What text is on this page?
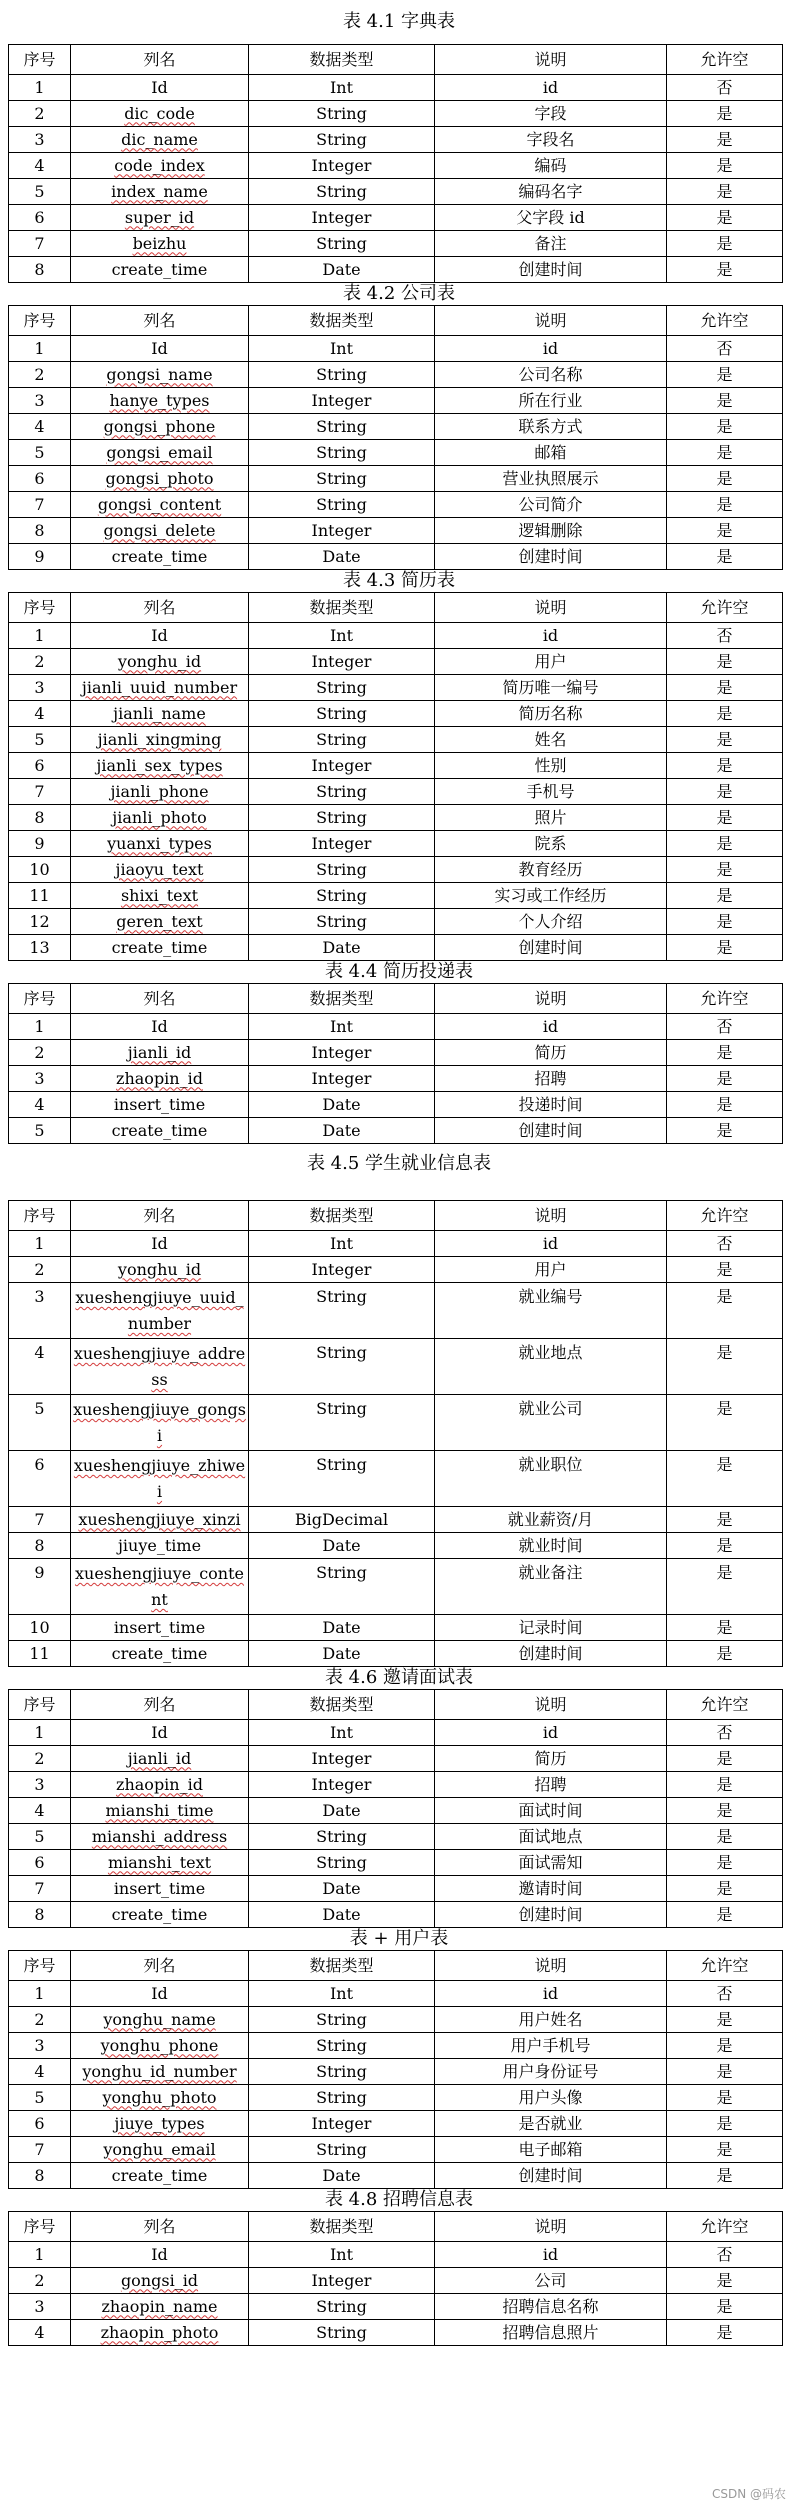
表 4.1 字典表
序号	列名	数据类型	说明	允许空
1	Id	Int	id	否
2	dic_code	String	字段	是
3	dic_name	String	字段名	是
4	code_index	Integer	编码	是
5	index_name	String	编码名字	是
6	super_id	Integer	父字段 id	是
7	beizhu	String	备注	是
8	create_time	Date	创建时间	是
表 4.2 公司表
序号	列名	数据类型	说明	允许空
1	Id	Int	id	否
2	gongsi_name	String	公司名称	是
3	hanye_types	Integer	所在行业	是
4	gongsi_phone	String	联系方式	是
5	gongsi_email	String	邮箱	是
6	gongsi_photo	String	营业执照展示	是
7	gongsi_content	String	公司简介	是
8	gongsi_delete	Integer	逻辑删除	是
9	create_time	Date	创建时间	是
表 4.3 简历表
序号	列名	数据类型	说明	允许空
1	Id	Int	id	否
2	yonghu_id	Integer	用户	是
3	jianli_uuid_number	String	简历唯一编号	是
4	jianli_name	String	简历名称	是
5	jianli_xingming	String	姓名	是
6	jianli_sex_types	Integer	性别	是
7	jianli_phone	String	手机号	是
8	jianli_photo	String	照片	是
9	yuanxi_types	Integer	院系	是
10	jiaoyu_text	String	教育经历	是
11	shixi_text	String	实习或工作经历	是
12	geren_text	String	个人介绍	是
13	create_time	Date	创建时间	是
表 4.4 简历投递表
序号	列名	数据类型	说明	允许空
1	Id	Int	id	否
2	jianli_id	Integer	简历	是
3	zhaopin_id	Integer	招聘	是
4	insert_time	Date	投递时间	是
5	create_time	Date	创建时间	是
表 4.5 学生就业信息表
序号	列名	数据类型	说明	允许空
1	Id	Int	id	否
2	yonghu_id	Integer	用户	是
3	xueshengjiuye_uuid_number	String	就业编号	是
4	xueshengjiuye_address	String	就业地点	是
5	xueshengjiuye_gongsi	String	就业公司	是
6	xueshengjiuye_zhiwei	String	就业职位	是
7	xueshengjiuye_xinzi	BigDecimal	就业薪资/月	是
8	jiuye_time	Date	就业时间	是
9	xueshengjiuye_content	String	就业备注	是
10	insert_time	Date	记录时间	是
11	create_time	Date	创建时间	是
表 4.6 邀请面试表
序号	列名	数据类型	说明	允许空
1	Id	Int	id	否
2	jianli_id	Integer	简历	是
3	zhaopin_id	Integer	招聘	是
4	mianshi_time	Date	面试时间	是
5	mianshi_address	String	面试地点	是
6	mianshi_text	String	面试需知	是
7	insert_time	Date	邀请时间	是
8	create_time	Date	创建时间	是
表 + 用户表
序号	列名	数据类型	说明	允许空
1	Id	Int	id	否
2	yonghu_name	String	用户姓名	是
3	yonghu_phone	String	用户手机号	是
4	yonghu_id_number	String	用户身份证号	是
5	yonghu_photo	String	用户头像	是
6	jiuye_types	Integer	是否就业	是
7	yonghu_email	String	电子邮箱	是
8	create_time	Date	创建时间	是
表 4.8 招聘信息表
序号	列名	数据类型	说明	允许空
1	Id	Int	id	否
2	gongsi_id	Integer	公司	是
3	zhaopin_name	String	招聘信息名称	是
4	zhaopin_photo	String	招聘信息照片	是
CSDN @码农
